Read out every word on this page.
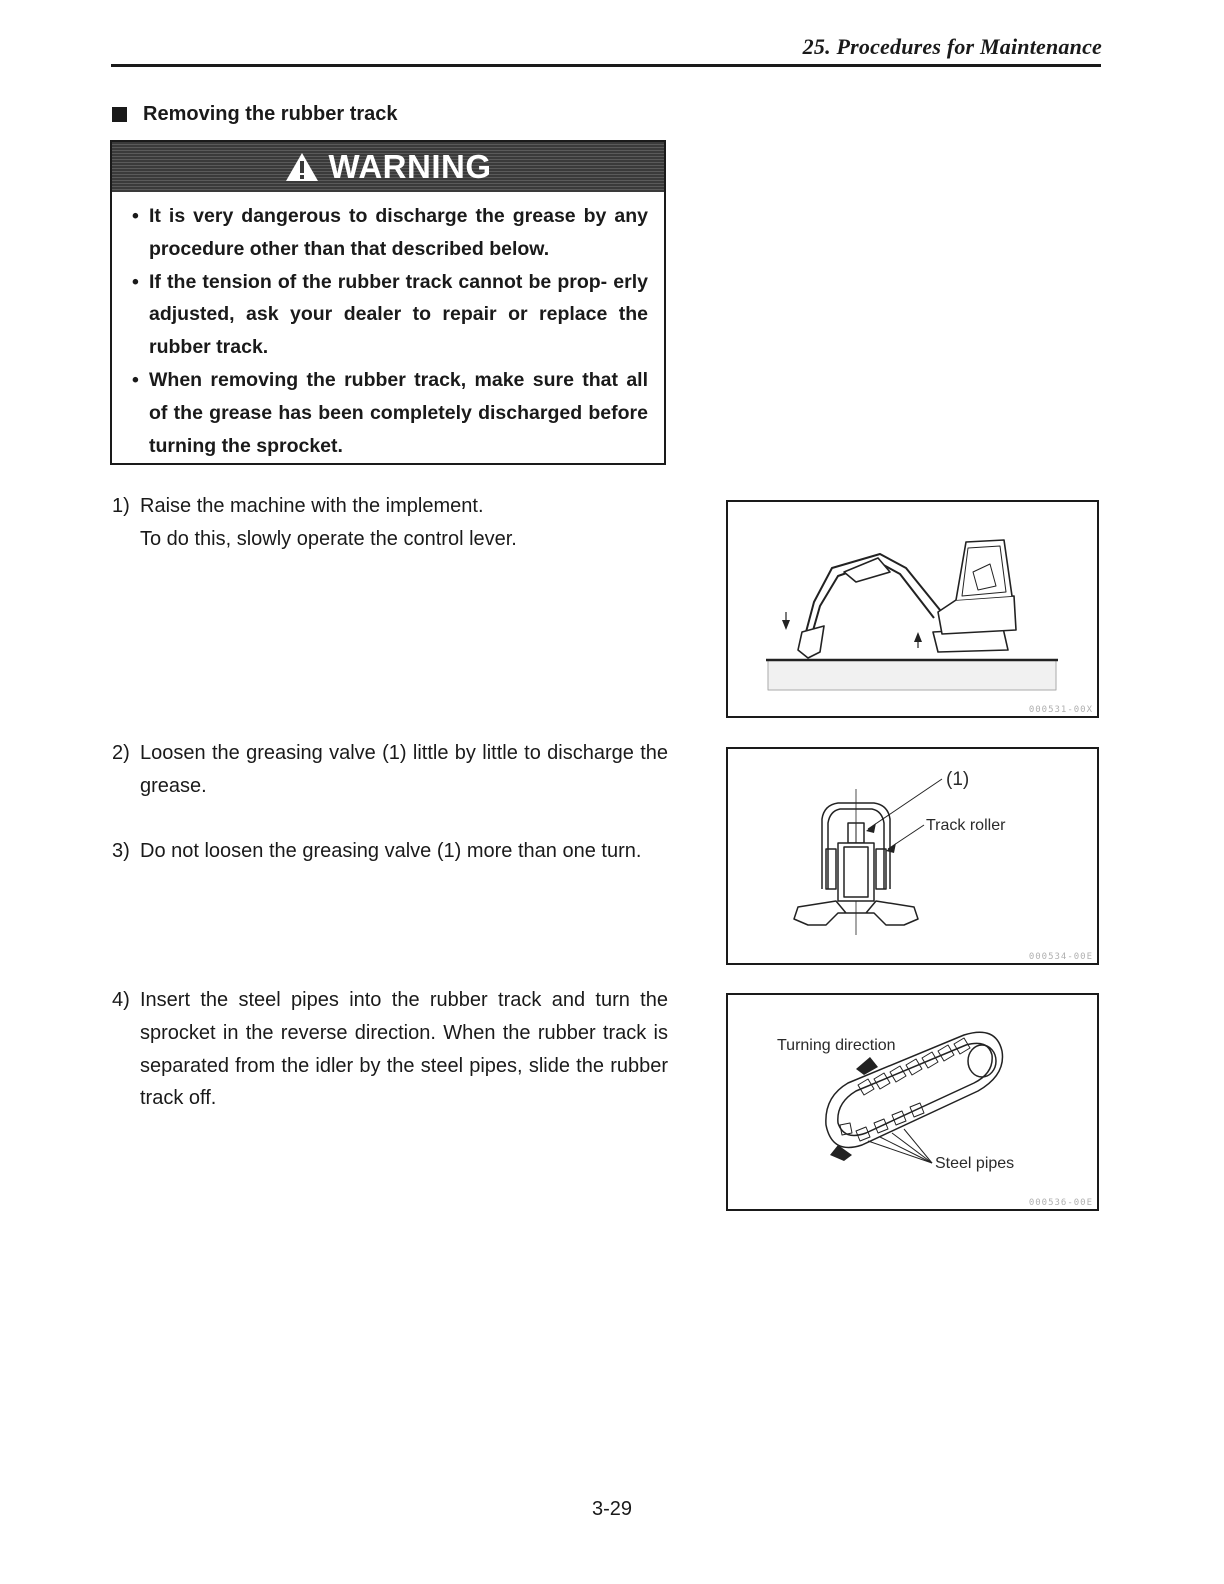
25. Procedures for Maintenance
Removing the rubber track
WARNING
• It is very dangerous to discharge the grease by any procedure other than that described below.
• If the tension of the rubber track cannot be prop- erly adjusted, ask your dealer to repair or replace the rubber track.
• When removing the rubber track, make sure that all of the grease has been completely discharged before turning the sprocket.
1) Raise the machine with the implement.
To do this, slowly operate the control lever.
2) Loosen the greasing valve (1) little by little to discharge the grease.
3) Do not loosen the greasing valve (1) more than one turn.
4) Insert the steel pipes into the rubber track and turn the sprocket in the reverse direction. When the rubber track is separated from the idler by the steel pipes, slide the rubber track off.
000531-00X
(1)
Track roller
000534-00E
Turning direction
Steel pipes
000536-00E
3-29
